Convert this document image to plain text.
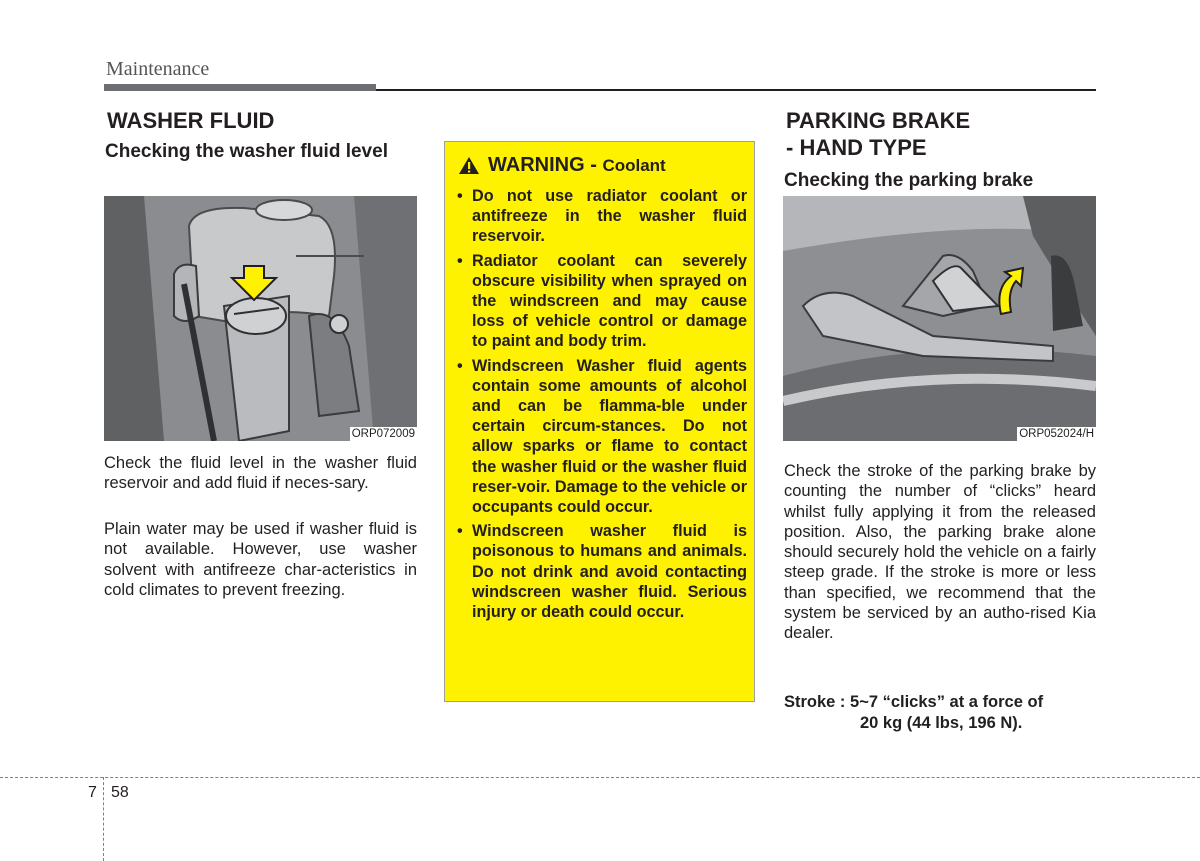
Maintenance
WASHER FLUID
Checking the washer fluid level
ORP072009

Check the fluid level in the washer fluid reservoir and add fluid if neces-sary.

Plain water may be used if washer fluid is not available. However, use washer solvent with antifreeze char-acteristics in cold climates to prevent freezing.

WARNING - Coolant
• Do not use radiator coolant or antifreeze in the washer fluid reservoir.
• Radiator coolant can severely obscure visibility when sprayed on the windscreen and may cause loss of vehicle control or damage to paint and body trim.
• Windscreen Washer fluid agents contain some amounts of alcohol and can be flamma-ble under certain circum-stances. Do not allow sparks or flame to contact the washer fluid or the washer fluid reser-voir. Damage to the vehicle or occupants could occur.
• Windscreen washer fluid is poisonous to humans and animals. Do not drink and avoid contacting windscreen washer fluid. Serious injury or death could occur.
PARKING BRAKE
- HAND TYPE
Checking the parking brake
ORP052024/H

Check the stroke of the parking brake by counting the number of “clicks” heard whilst fully applying it from the released position. Also, the parking brake alone should securely hold the vehicle on a fairly steep grade. If the stroke is more or less than specified, we recommend that the system be serviced by an autho-rised Kia dealer.

Stroke : 5~7 “clicks” at a force of
20 kg (44 lbs, 196 N).
7 58
